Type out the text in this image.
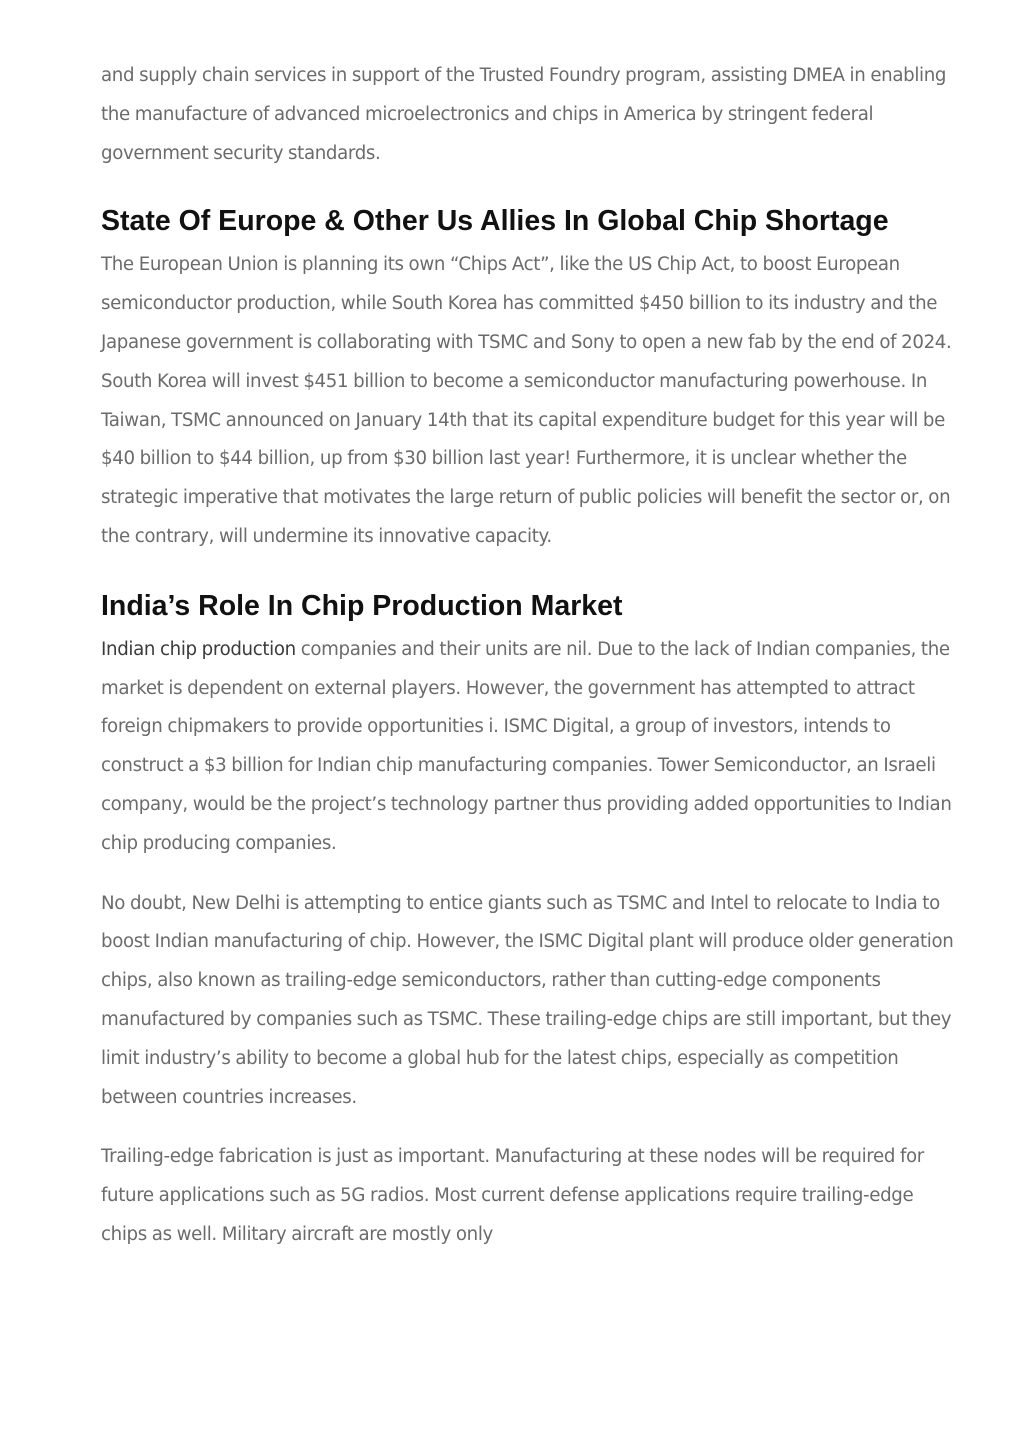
and supply chain services in support of the Trusted Foundry program, assisting DMEA in enabling the manufacture of advanced microelectronics and chips in America by stringent federal government security standards.

State Of Europe & Other Us Allies In Global Chip Shortage

The European Union is planning its own “Chips Act”, like the US Chip Act, to boost European semiconductor production, while South Korea has committed $450 billion to its industry and the Japanese government is collaborating with TSMC and Sony to open a new fab by the end of 2024. South Korea will invest $451 billion to become a semiconductor manufacturing powerhouse. In Taiwan, TSMC announced on January 14th that its capital expenditure budget for this year will be $40 billion to $44 billion, up from $30 billion last year! Furthermore, it is unclear whether the strategic imperative that motivates the large return of public policies will benefit the sector or, on the contrary, will undermine its innovative capacity.

India’s Role In Chip Production Market

Indian chip production companies and their units are nil. Due to the lack of Indian companies, the market is dependent on external players. However, the government has attempted to attract foreign chipmakers to provide opportunities i. ISMC Digital, a group of investors, intends to construct a $3 billion for Indian chip manufacturing companies. Tower Semiconductor, an Israeli company, would be the project’s technology partner thus providing added opportunities to Indian chip producing companies.

No doubt, New Delhi is attempting to entice giants such as TSMC and Intel to relocate to India to boost Indian manufacturing of chip. However, the ISMC Digital plant will produce older generation chips, also known as trailing-edge semiconductors, rather than cutting-edge components manufactured by companies such as TSMC. These trailing-edge chips are still important, but they limit industry’s ability to become a global hub for the latest chips, especially as competition between countries increases.

Trailing-edge fabrication is just as important. Manufacturing at these nodes will be required for future applications such as 5G radios. Most current defense applications require trailing-edge chips as well. Military aircraft are mostly only
